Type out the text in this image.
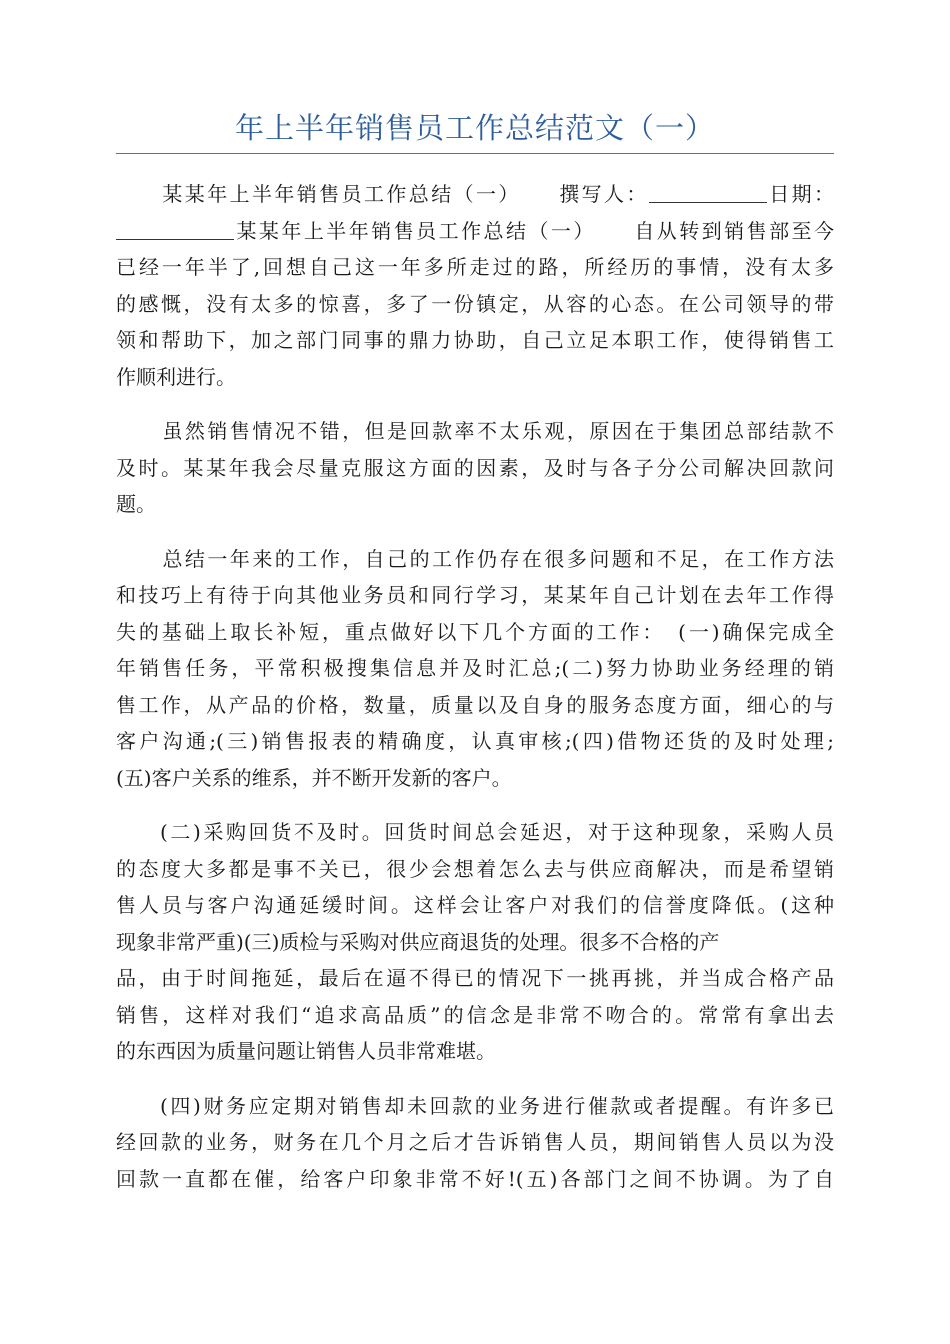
年上半年销售员工作总结范文（一）
某某年上半年销售员工作总结（一） 撰写人：	日期：
某某年上半年销售员工作总结（一） 自从转到销售部至今
已经一年半了,回想自己这一年多所走过的路，所经历的事情，没有太多
的感慨，没有太多的惊喜，多了一份镇定，从容的心态。在公司领导的带
领和帮助下，加之部门同事的鼎力协助，自己立足本职工作，使得销售工
作顺利进行。
虽然销售情况不错，但是回款率不太乐观，原因在于集团总部结款不
及时。某某年我会尽量克服这方面的因素，及时与各子分公司解决回款问
题。
总结一年来的工作，自己的工作仍存在很多问题和不足，在工作方法
和技巧上有待于向其他业务员和同行学习，某某年自己计划在去年工作得
失的基础上取长补短，重点做好以下几个方面的工作：　(一)确保完成全
年销售任务，平常积极搜集信息并及时汇总;(二)努力协助业务经理的销
售工作，从产品的价格，数量，质量以及自身的服务态度方面，细心的与
客户沟通;(三)销售报表的精确度，认真审核;(四)借物还货的及时处理;
(五)客户关系的维系，并不断开发新的客户。
(二)采购回货不及时。回货时间总会延迟，对于这种现象，采购人员
的态度大多都是事不关已，很少会想着怎么去与供应商解决，而是希望销
售人员与客户沟通延缓时间。这样会让客户对我们的信誉度降低。(这种
现象非常严重)(三)质检与采购对供应商退货的处理。很多不合格的产
品，由于时间拖延，最后在逼不得已的情况下一挑再挑，并当成合格产品
销售，这样对我们“追求高品质”的信念是非常不吻合的。常常有拿出去
的东西因为质量问题让销售人员非常难堪。
(四)财务应定期对销售却未回款的业务进行催款或者提醒。有许多已
经回款的业务，财务在几个月之后才告诉销售人员，期间销售人员以为没
回款一直都在催，给客户印象非常不好!(五)各部门之间不协调。为了自
